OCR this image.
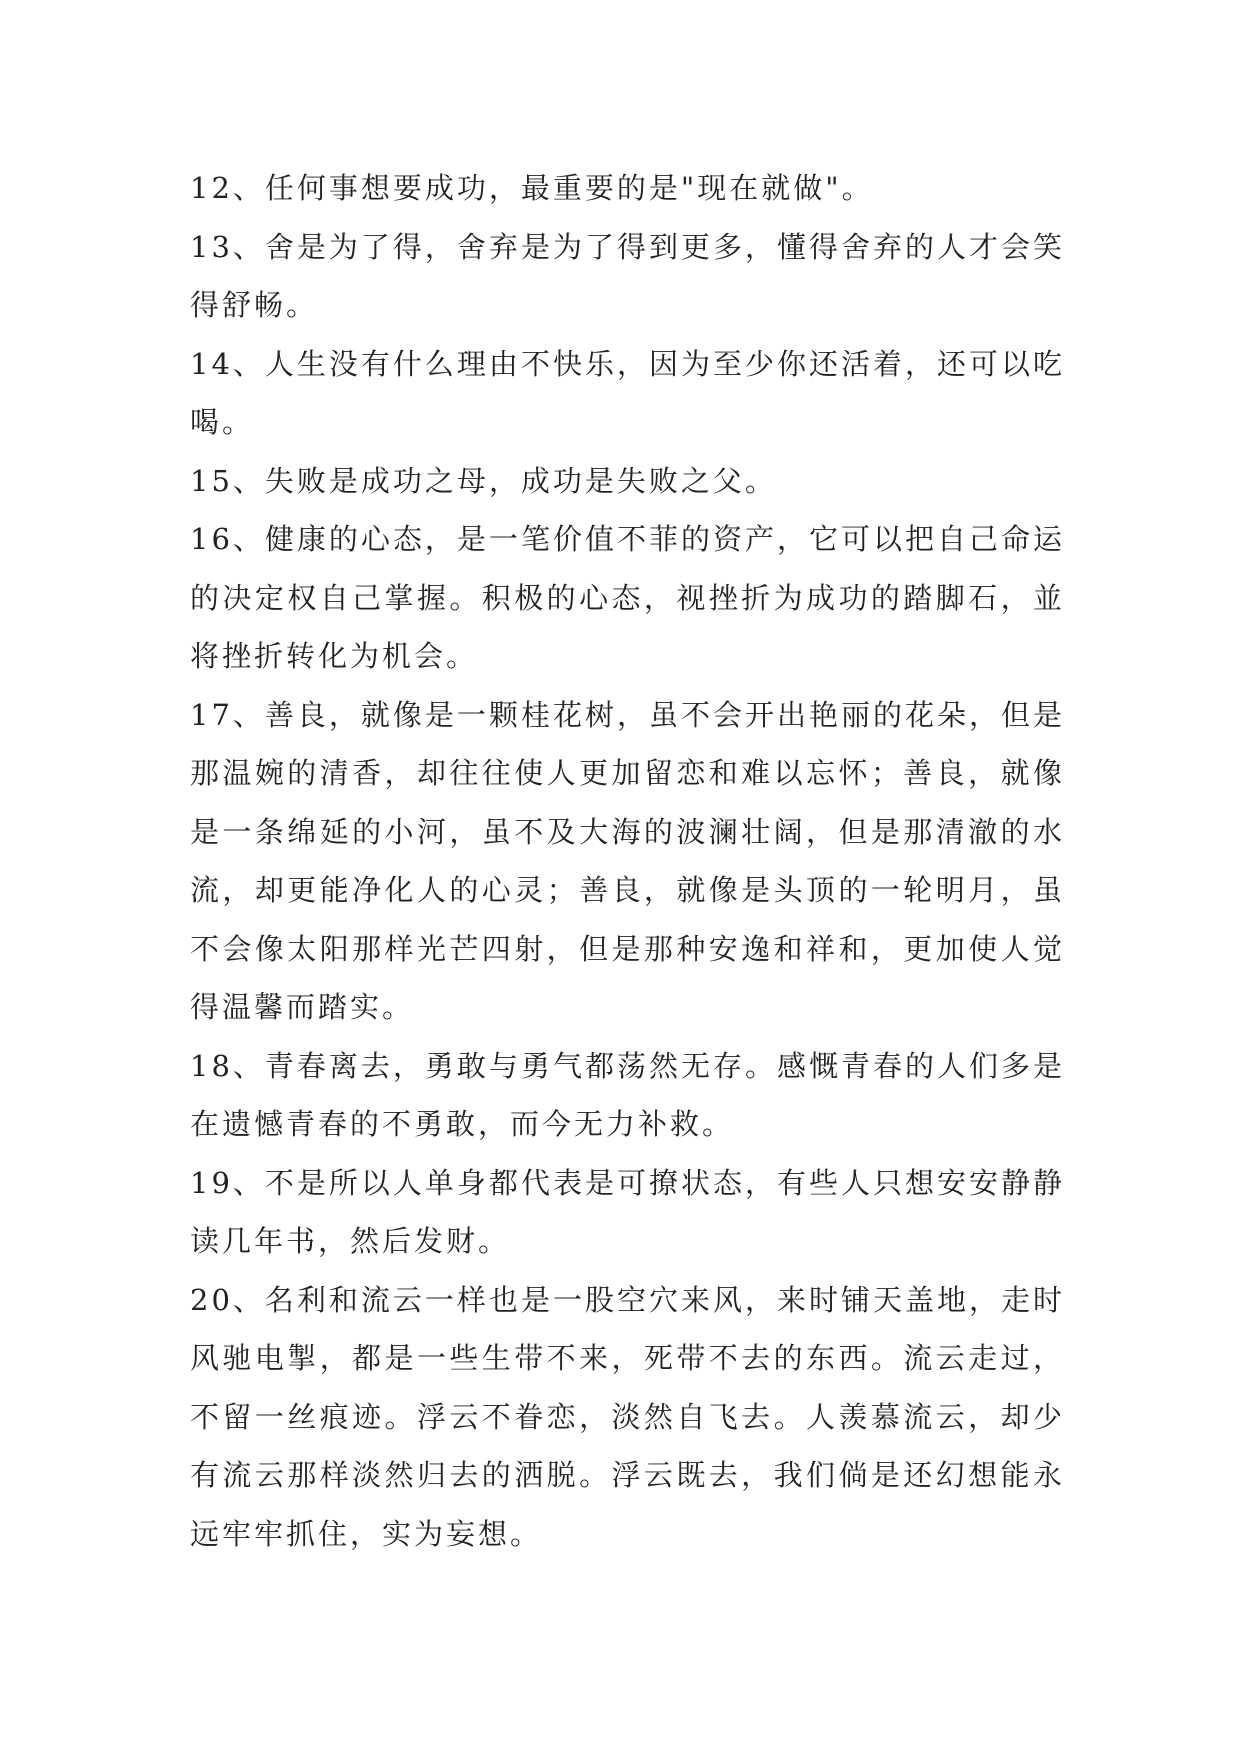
12、任何事想要成功，最重要的是"现在就做"。

13、舍是为了得，舍弃是为了得到更多，懂得舍弃的人才会笑得舒畅。

14、人生没有什么理由不快乐，因为至少你还活着，还可以吃喝。

15、失败是成功之母，成功是失败之父。

16、健康的心态，是一笔价值不菲的资产，它可以把自己命运的决定权自己掌握。积极的心态，视挫折为成功的踏脚石，並将挫折转化为机会。

17、善良，就像是一颗桂花树，虽不会开出艳丽的花朵，但是那温婉的清香，却往往使人更加留恋和难以忘怀；善良，就像是一条绵延的小河，虽不及大海的波澜壮阔，但是那清澈的水流，却更能净化人的心灵；善良，就像是头顶的一轮明月，虽不会像太阳那样光芒四射，但是那种安逸和祥和，更加使人觉得温馨而踏实。

18、青春离去，勇敢与勇气都荡然无存。感慨青春的人们多是在遗憾青春的不勇敢，而今无力补救。

19、不是所以人单身都代表是可撩状态，有些人只想安安静静读几年书，然后发财。

20、名利和流云一样也是一股空穴来风，来时铺天盖地，走时风驰电掣，都是一些生带不来，死带不去的东西。流云走过，不留一丝痕迹。浮云不眷恋，淡然自飞去。人羡慕流云，却少有流云那样淡然归去的洒脱。浮云既去，我们倘是还幻想能永远牢牢抓住，实为妄想。
